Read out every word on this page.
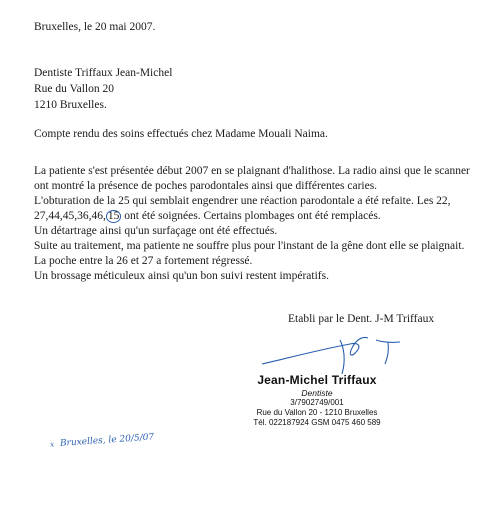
Bruxelles, le 20 mai 2007.
Dentiste Triffaux Jean-Michel
Rue du Vallon 20
1210 Bruxelles.
Compte rendu des soins effectués chez Madame Mouali Naima.
La patiente s'est présentée début 2007 en se plaignant d'halithose. La radio ainsi que le scanner
ont montré la présence de poches parodontales ainsi que différentes caries.
L'obturation de la 25 qui semblait engendrer une réaction parodontale a été refaite. Les 22,
27,44,45,36,46, 15 ont été soignées. Certains plombages ont été remplacés.
Un détartrage ainsi qu'un surfaçage ont été effectués.
Suite au traitement, ma patiente ne souffre plus pour l'instant de la gêne dont elle se plaignait.
La poche entre la 26 et 27 a fortement régressé.
Un brossage méticuleux ainsi qu'un bon suivi restent impératifs.
Etabli par le Dent. J-M Triffaux
Jean-Michel Triffaux
Dentiste
3/7902749/001
Rue du Vallon 20 - 1210 Bruxelles
Tél. 022187924 GSM 0475 460 589
x Bruxelles, le 20/5/07
